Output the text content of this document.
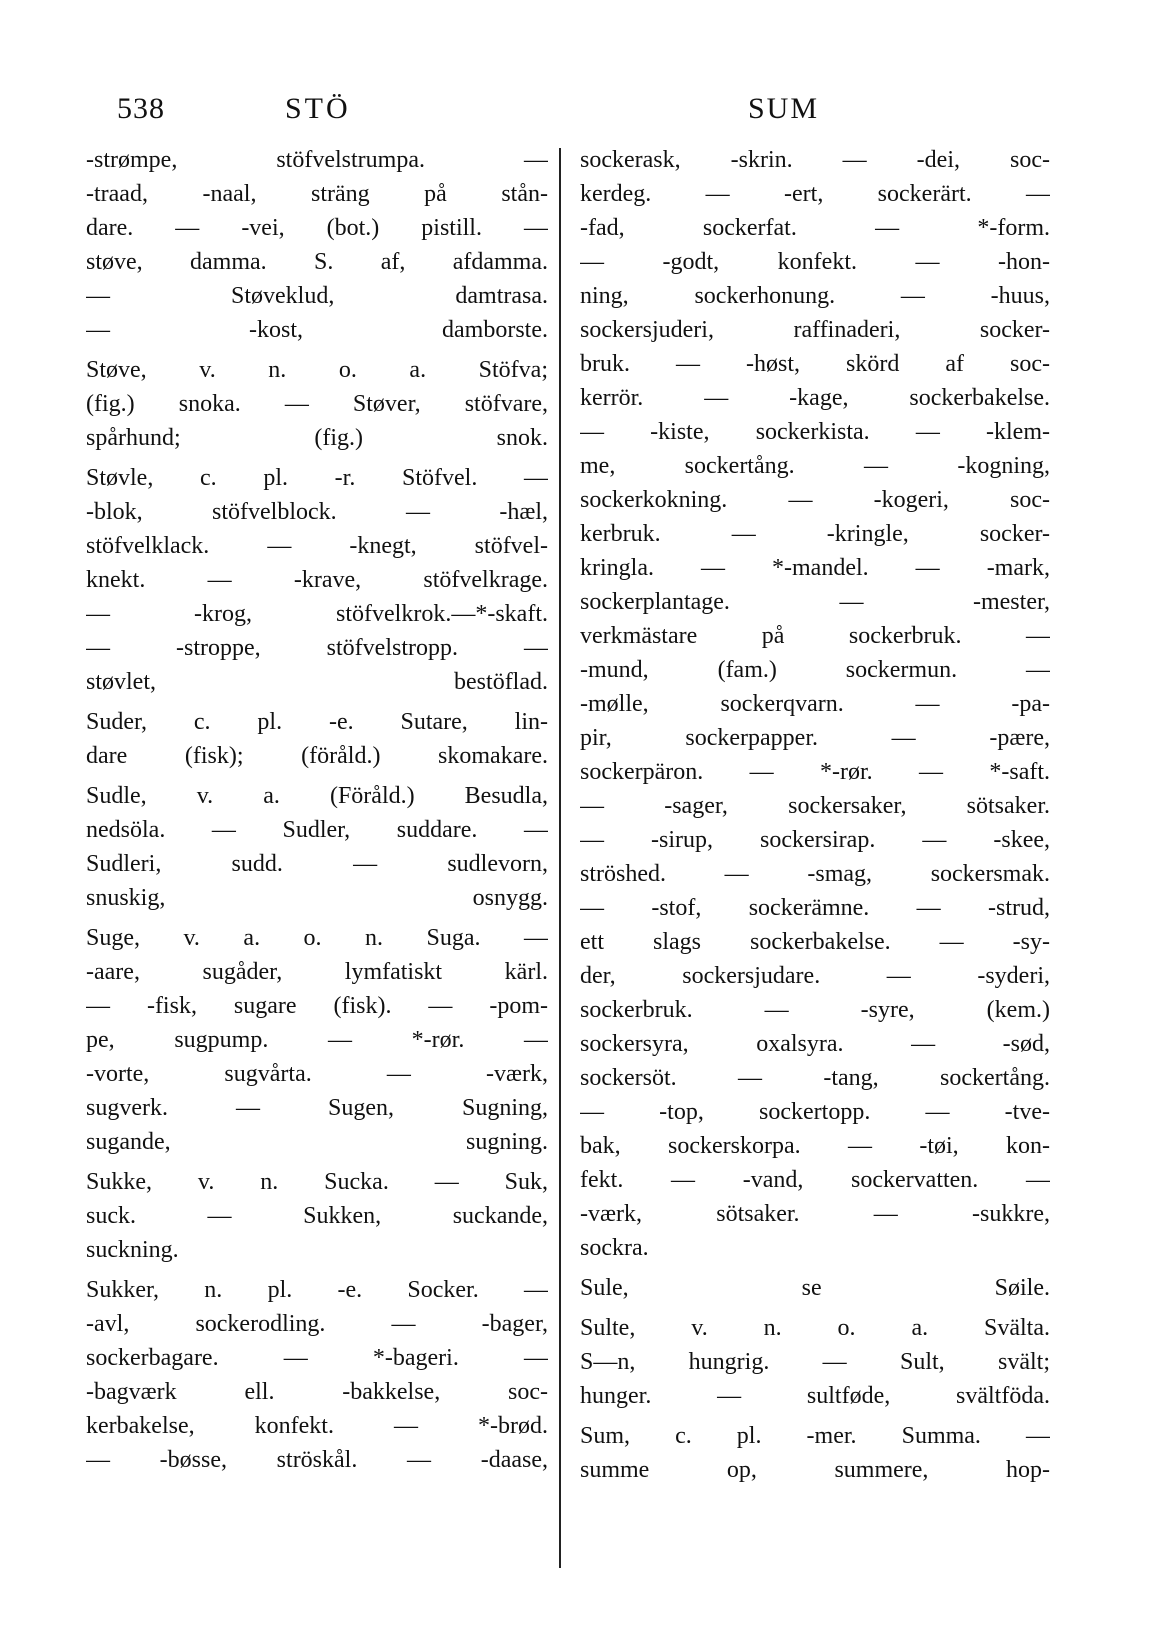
538	STÖ	SUM
-strømpe, stöfvelstrumpa. —
-traad, -naal, sträng på stån-
dare. — -vei, (bot.) pistill. —
støve, damma. S. af, afdamma.
— Støveklud, damtrasa.
— -kost, damborste.
Støve, v. n. o. a. Stöfva;
(fig.) snoka. — Støver, stöfvare,
spårhund; (fig.) snok.
Støvle, c. pl. -r. Stöfvel. —
-blok, stöfvelblock. — -hæl,
stöfvelklack. — -knegt, stöfvel-
knekt. — -krave, stöfvelkrage.
— -krog, stöfvelkrok.—*-skaft.
— -stroppe, stöfvelstropp. —
støvlet, bestöflad.
Suder, c. pl. -e. Sutare, lin-
dare (fisk); (föråld.) skomakare.
Sudle, v. a. (Föråld.) Besudla,
nedsöla. — Sudler, suddare. —
Sudleri, sudd. — sudlevorn,
snuskig, osnygg.
Suge, v. a. o. n. Suga. —
-aare, sugåder, lymfatiskt kärl.
— -fisk, sugare (fisk). — -pom-
pe, sugpump. — *-rør. —
-vorte, sugvårta. — -værk,
sugverk. — Sugen, Sugning,
sugande, sugning.
Sukke, v. n. Sucka. — Suk,
suck. — Sukken, suckande,
suckning.
Sukker, n. pl. -e. Socker. —
-avl, sockerodling. — -bager,
sockerbagare. — *-bageri. —
-bagværk ell. -bakkelse, soc-
kerbakelse, konfekt. — *-brød.
— -bøsse, ströskål. — -daase,
sockerask, -skrin. — -dei, soc-
kerdeg. — -ert, sockerärt. —
-fad, sockerfat. — *-form.
— -godt, konfekt. — -hon-
ning, sockerhonung. — -huus,
sockersjuderi, raffinaderi, socker-
bruk. — -høst, skörd af soc-
kerrör. — -kage, sockerbakelse.
— -kiste, sockerkista. — -klem-
me, sockertång. — -kogning,
sockerkokning. — -kogeri, soc-
kerbruk. — -kringle, socker-
kringla. — *-mandel. — -mark,
sockerplantage. — -mester,
verkmästare på sockerbruk. —
-mund, (fam.) sockermun. —
-mølle, sockerqvarn. — -pa-
pir, sockerpapper. — -pære,
sockerpäron. — *-rør. — *-saft.
— -sager, sockersaker, sötsaker.
— -sirup, sockersirap. — -skee,
ströshed. — -smag, sockersmak.
— -stof, sockerämne. — -strud,
ett slags sockerbakelse. — -sy-
der, sockersjudare. — -syderi,
sockerbruk. — -syre, (kem.)
sockersyra, oxalsyra. — -sød,
sockersöt. — -tang, sockertång.
— -top, sockertopp. — -tve-
bak, sockerskorpa. — -tøi, kon-
fekt. — -vand, sockervatten. —
-værk, sötsaker. — -sukkre,
sockra.
Sule, se Søile.
Sulte, v. n. o. a. Svälta.
S—n, hungrig. — Sult, svält;
hunger. — sultføde, svältföda.
Sum, c. pl. -mer. Summa. —
summe op, summere, hop-
